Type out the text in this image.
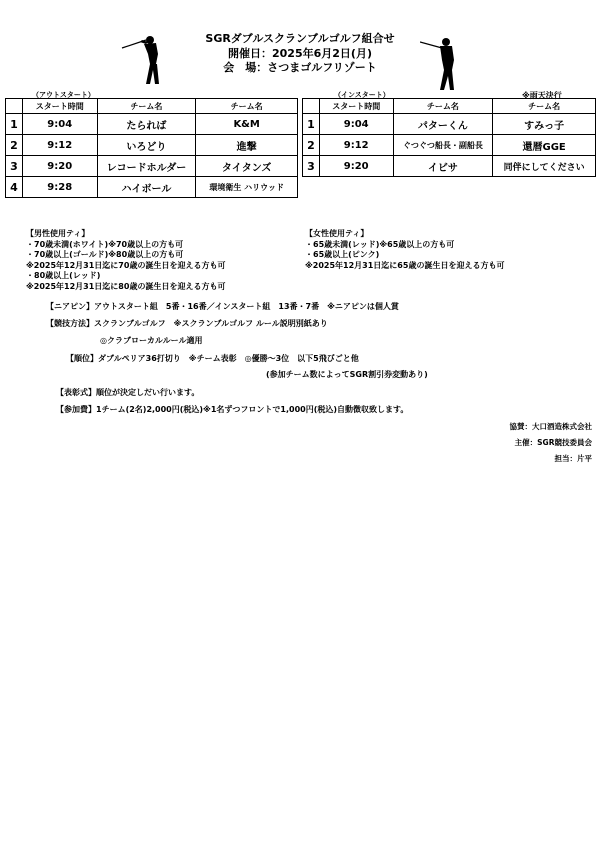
SGRダブルスクランブルゴルフ組合せ
開催日：2025年6月2日(月)
会　場：さつまゴルフリゾート
（アウトスタート）	（インスタート）	※雨天決行
	スタート時間	チーム名	チーム名
1	9:04	たられば	K&M
2	9:12	いろどり	進撃
3	9:20	レコードホルダー	タイタンズ
4	9:28	ハイボール	環境衛生 ハリウッド
	スタート時間	チーム名	チーム名
1	9:04	パターくん	すみっ子
2	9:12	ぐつぐつ船長・副船長	還暦GGE
3	9:20	イビサ	同伴にしてください
【男性使用ティ】
・70歳未満(ホワイト)※70歳以上の方も可
・70歳以上(ゴールド)※80歳以上の方も可
※2025年12月31日迄に70歳の誕生日を迎える方も可
・80歳以上(レッド)
※2025年12月31日迄に80歳の誕生日を迎える方も可
【女性使用ティ】
・65歳未満(レッド)※65歳以上の方も可
・65歳以上(ピンク)
※2025年12月31日迄に65歳の誕生日を迎える方も可
【ニアピン】アウトスタート組　5番・16番／インスタート組　13番・7番　※ニアピンは個人賞
【競技方法】スクランブルゴルフ　※スクランブルゴルフ ルール説明別紙あり
◎クラブローカルルール適用
【順位】ダブルペリア36打切り　※チーム表彰　◎優勝～3位　以下5飛びごと他
(参加チーム数によってSGR割引券変動あり)
【表彰式】順位が決定しだい行います。
【参加費】1チーム(2名)2,000円(税込)※1名ずつフロントで1,000円(税込)自動徴収致します。
協賛：大口酒造株式会社
主催：SGR競技委員会
担当：片平
